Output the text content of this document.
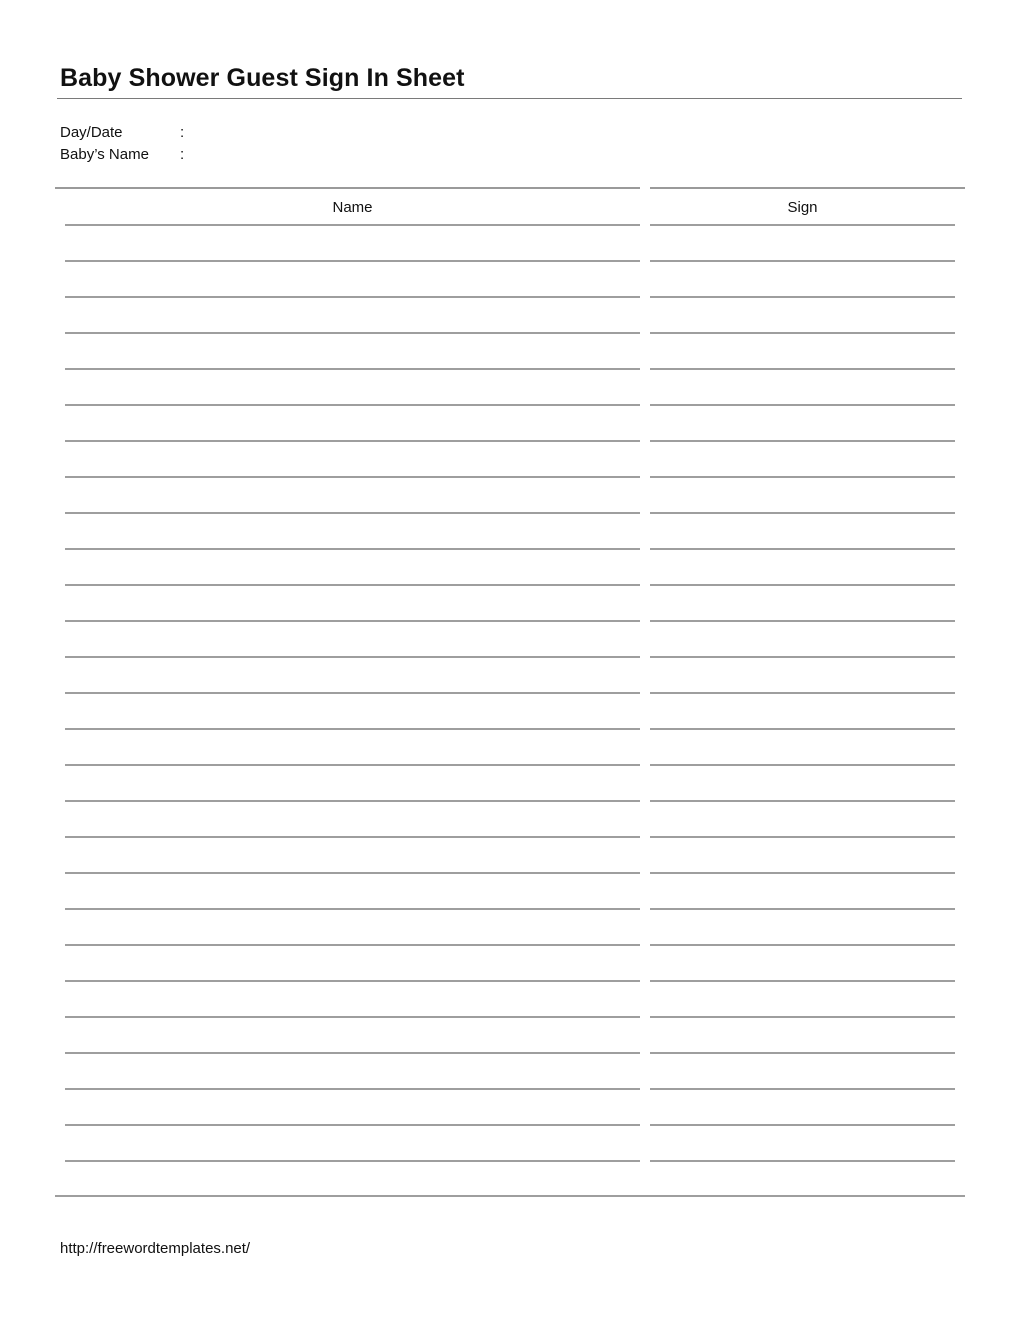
Baby Shower Guest Sign In Sheet
Day/Date	:
Baby’s Name :
Name	Sign
http://freewordtemplates.net/
